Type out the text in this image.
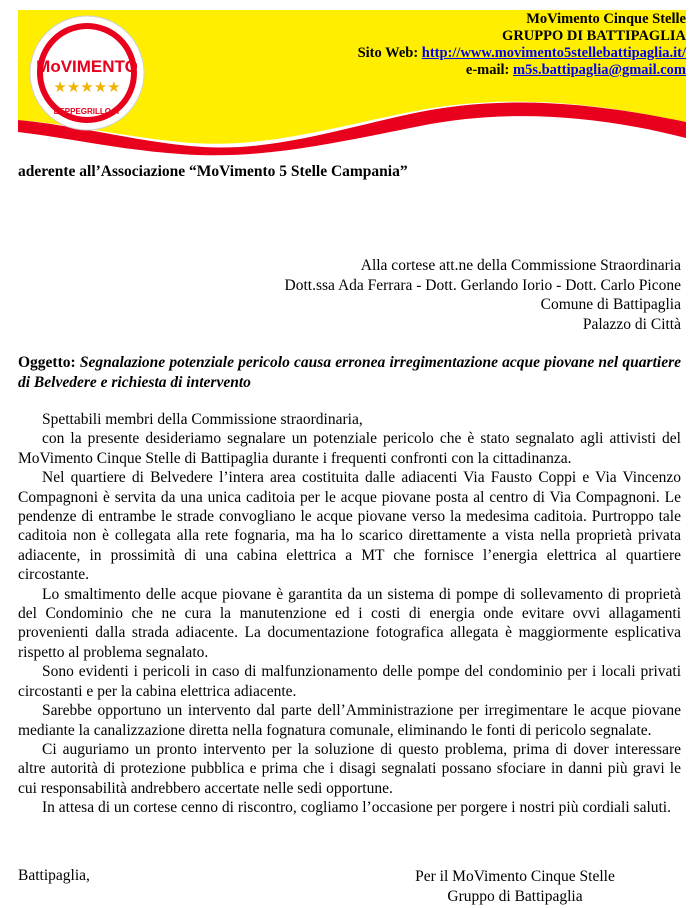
MoVIMENTO
★★★★★
BEPPEGRILLO.IT
MoVimento Cinque Stelle
GRUPPO DI BATTIPAGLIA
Sito Web: http://www.movimento5stellebattipaglia.it/
e-mail: m5s.battipaglia@gmail.com
aderente all’Associazione “MoVimento 5 Stelle Campania”
Alla cortese att.ne della Commissione Straordinaria
Dott.ssa Ada Ferrara - Dott. Gerlando Iorio - Dott. Carlo Picone
Comune di Battipaglia
Palazzo di Città
Oggetto: Segnalazione potenziale pericolo causa erronea irregimentazione acque piovane nel quartiere di Belvedere e richiesta di intervento

Spettabili membri della Commissione straordinaria,

con la presente desideriamo segnalare un potenziale pericolo che è stato segnalato agli attivisti del MoVimento Cinque Stelle di Battipaglia durante i frequenti confronti con la cittadinanza.

Nel quartiere di Belvedere l’intera area costituita dalle adiacenti Via Fausto Coppi e Via Vincenzo Compagnoni è servita da una unica caditoia per le acque piovane posta al centro di Via Compagnoni. Le pendenze di entrambe le strade convogliano le acque piovane verso la medesima caditoia. Purtroppo tale caditoia non è collegata alla rete fognaria, ma ha lo scarico direttamente a vista nella proprietà privata adiacente, in prossimità di una cabina elettrica a MT che fornisce l’energia elettrica al quartiere circostante.

Lo smaltimento delle acque piovane è garantita da un sistema di pompe di sollevamento di proprietà del Condominio che ne cura la manutenzione ed i costi di energia onde evitare ovvi allagamenti provenienti dalla strada adiacente. La documentazione fotografica allegata è maggiormente esplicativa rispetto al problema segnalato.

Sono evidenti i pericoli in caso di malfunzionamento delle pompe del condominio per i locali privati circostanti e per la cabina elettrica adiacente.

Sarebbe opportuno un intervento dal parte dell’Amministrazione per irregimentare le acque piovane mediante la canalizzazione diretta nella fognatura comunale, eliminando le fonti di pericolo segnalate.

Ci auguriamo un pronto intervento per la soluzione di questo problema, prima di dover interessare altre autorità di protezione pubblica e prima che i disagi segnalati possano sfociare in danni più gravi le cui responsabilità andrebbero accertate nelle sedi opportune.

In attesa di un cortese cenno di riscontro, cogliamo l’occasione per porgere i nostri più cordiali saluti.

Battipaglia,	Per il MoVimento Cinque Stelle
Gruppo di Battipaglia
